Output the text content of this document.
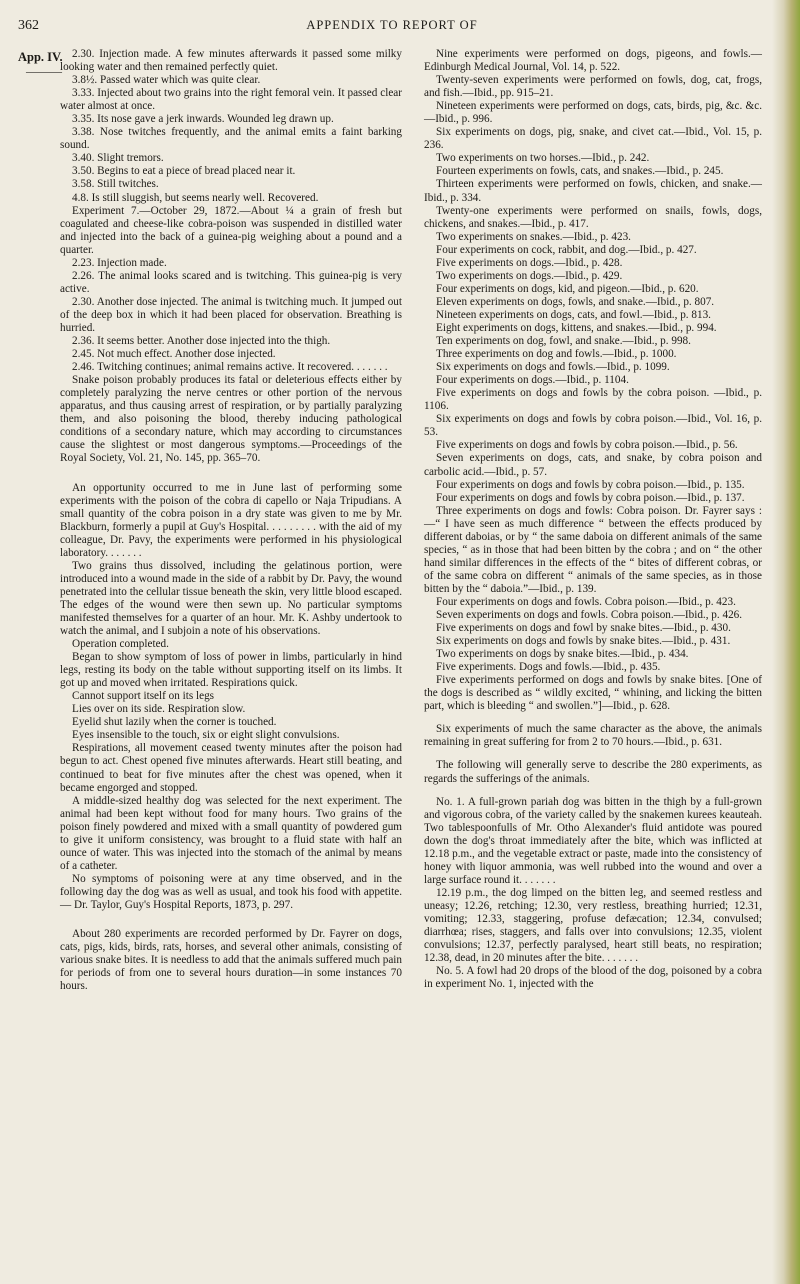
362	APPENDIX TO REPORT OF
App. IV.
———

2.30. Injection made. A few minutes afterwards it passed some milky looking water and then remained perfectly quiet.

3.8½. Passed water which was quite clear.

3.33. Injected about two grains into the right femoral vein. It passed clear water almost at once.

3.35. Its nose gave a jerk inwards. Wounded leg drawn up.

3.38. Nose twitches frequently, and the animal emits a faint barking sound.

3.40. Slight tremors.

3.50. Begins to eat a piece of bread placed near it.

3.58. Still twitches.

4.8. Is still sluggish, but seems nearly well. Recovered.

Experiment 7.—October 29, 1872.—About ¼ a grain of fresh but coagulated and cheese-like cobra-poison was suspended in distilled water and injected into the back of a guinea-pig weighing about a pound and a quarter.

2.23. Injection made.

2.26. The animal looks scared and is twitching. This guinea-pig is very active.

2.30. Another dose injected. The animal is twitching much. It jumped out of the deep box in which it had been placed for observation. Breathing is hurried.

2.36. It seems better. Another dose injected into the thigh.

2.45. Not much effect. Another dose injected.

2.46. Twitching continues; animal remains active. It recovered. . . . . . .

Snake poison probably produces its fatal or deleterious effects either by completely paralyzing the nerve centres or other portion of the nervous apparatus, and thus causing arrest of respiration, or by partially paralyzing them, and also poisoning the blood, thereby inducing pathological conditions of a secondary nature, which may according to circumstances cause the slightest or most dangerous symptoms.—Proceedings of the Royal Society, Vol. 21, No. 145, pp. 365–70.

An opportunity occurred to me in June last of performing some experiments with the poison of the cobra di capello or Naja Tripudians. A small quantity of the cobra poison in a dry state was given to me by Mr. Blackburn, formerly a pupil at Guy's Hospital. . . . . . . . . with the aid of my colleague, Dr. Pavy, the experiments were performed in his physiological laboratory. . . . . . .

Two grains thus dissolved, including the gelatinous portion, were introduced into a wound made in the side of a rabbit by Dr. Pavy, the wound penetrated into the cellular tissue beneath the skin, very little blood escaped. The edges of the wound were then sewn up. No particular symptoms manifested themselves for a quarter of an hour. Mr. K. Ashby undertook to watch the animal, and I subjoin a note of his observations.

Operation completed.

Began to show symptom of loss of power in limbs, particularly in hind legs, resting its body on the table without supporting itself on its limbs. It got up and moved when irritated. Respirations quick.

Cannot support itself on its legs

Lies over on its side. Respiration slow.

Eyelid shut lazily when the corner is touched.

Eyes insensible to the touch, six or eight slight convulsions.

Respirations, all movement ceased twenty minutes after the poison had begun to act. Chest opened five minutes afterwards. Heart still beating, and continued to beat for five minutes after the chest was opened, when it became engorged and stopped.

A middle-sized healthy dog was selected for the next experiment. The animal had been kept without food for many hours. Two grains of the poison finely powdered and mixed with a small quantity of powdered gum to give it uniform consistency, was brought to a fluid state with half an ounce of water. This was injected into the stomach of the animal by means of a catheter.

No symptoms of poisoning were at any time observed, and in the following day the dog was as well as usual, and took his food with appetite. — Dr. Taylor, Guy's Hospital Reports, 1873, p. 297.

About 280 experiments are recorded performed by Dr. Fayrer on dogs, cats, pigs, kids, birds, rats, horses, and several other animals, consisting of various snake bites. It is needless to add that the animals suffered much pain for periods of from one to several hours duration—in some instances 70 hours.

Nine experiments were performed on dogs, pigeons, and fowls.—Edinburgh Medical Journal, Vol. 14, p. 522.

Twenty-seven experiments were performed on fowls, dog, cat, frogs, and fish.—Ibid., pp. 915–21.

Nineteen experiments were performed on dogs, cats, birds, pig, &c. &c.—Ibid., p. 996.

Six experiments on dogs, pig, snake, and civet cat.—Ibid., Vol. 15, p. 236.

Two experiments on two horses.—Ibid., p. 242.

Fourteen experiments on fowls, cats, and snakes.—Ibid., p. 245.

Thirteen experiments were performed on fowls, chicken, and snake.—Ibid., p. 334.

Twenty-one experiments were performed on snails, fowls, dogs, chickens, and snakes.—Ibid., p. 417.

Two experiments on snakes.—Ibid., p. 423.

Four experiments on cock, rabbit, and dog.—Ibid., p. 427.

Five experiments on dogs.—Ibid., p. 428.

Two experiments on dogs.—Ibid., p. 429.

Four experiments on dogs, kid, and pigeon.—Ibid., p. 620.

Eleven experiments on dogs, fowls, and snake.—Ibid., p. 807.

Nineteen experiments on dogs, cats, and fowl.—Ibid., p. 813.

Eight experiments on dogs, kittens, and snakes.—Ibid., p. 994.

Ten experiments on dog, fowl, and snake.—Ibid., p. 998.

Three experiments on dog and fowls.—Ibid., p. 1000.

Six experiments on dogs and fowls.—Ibid., p. 1099.

Four experiments on dogs.—Ibid., p. 1104.

Five experiments on dogs and fowls by the cobra poison. —Ibid., p. 1106.

Six experiments on dogs and fowls by cobra poison.—Ibid., Vol. 16, p. 53.

Five experiments on dogs and fowls by cobra poison.—Ibid., p. 56.

Seven experiments on dogs, cats, and snake, by cobra poison and carbolic acid.—Ibid., p. 57.

Four experiments on dogs and fowls by cobra poison.—Ibid., p. 135.

Four experiments on dogs and fowls by cobra poison.—Ibid., p. 137.

Three experiments on dogs and fowls: Cobra poison. Dr. Fayrer says :—“ I have seen as much difference “ between the effects produced by different daboias, or by “ the same daboia on different animals of the same species, “ as in those that had been bitten by the cobra ; and on “ the other hand similar differences in the effects of the “ bites of different cobras, or of the same cobra on different “ animals of the same species, as in those bitten by the “ daboia.”—Ibid., p. 139.

Four experiments on dogs and fowls. Cobra poison.—Ibid., p. 423.

Seven experiments on dogs and fowls. Cobra poison.—Ibid., p. 426.

Five experiments on dogs and fowl by snake bites.—Ibid., p. 430.

Six experiments on dogs and fowls by snake bites.—Ibid., p. 431.

Two experiments on dogs by snake bites.—Ibid., p. 434.

Five experiments. Dogs and fowls.—Ibid., p. 435.

Five experiments performed on dogs and fowls by snake bites. [One of the dogs is described as “ wildly excited, “ whining, and licking the bitten part, which is bleeding “ and swollen.”]—Ibid., p. 628.

Six experiments of much the same character as the above, the animals remaining in great suffering for from 2 to 70 hours.—Ibid., p. 631.

The following will generally serve to describe the 280 experiments, as regards the sufferings of the animals.

No. 1. A full-grown pariah dog was bitten in the thigh by a full-grown and vigorous cobra, of the variety called by the snakemen kurees keauteah. Two tablespoonfulls of Mr. Otho Alexander's fluid antidote was poured down the dog's throat immediately after the bite, which was inflicted at 12.18 p.m., and the vegetable extract or paste, made into the consistency of honey with liquor ammonia, was well rubbed into the wound and over a large surface round it. . . . . . .

12.19 p.m., the dog limped on the bitten leg, and seemed restless and uneasy; 12.26, retching; 12.30, very restless, breathing hurried; 12.31, vomiting; 12.33, staggering, profuse defæcation; 12.34, convulsed; diarrhœa; rises, staggers, and falls over into convulsions; 12.35, violent convulsions; 12.37, perfectly paralysed, heart still beats, no respiration; 12.38, dead, in 20 minutes after the bite. . . . . . .

No. 5. A fowl had 20 drops of the blood of the dog, poisoned by a cobra in experiment No. 1, injected with the
